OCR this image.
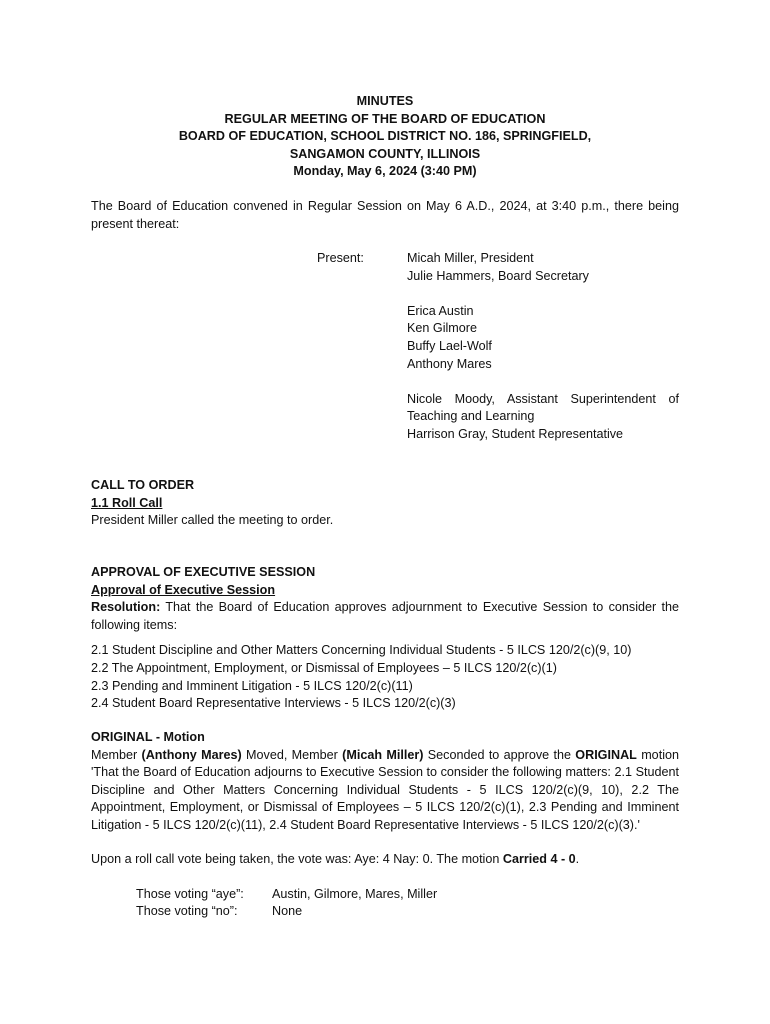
MINUTES
REGULAR MEETING OF THE BOARD OF EDUCATION
BOARD OF EDUCATION, SCHOOL DISTRICT NO. 186, SPRINGFIELD,
SANGAMON COUNTY, ILLINOIS
Monday, May 6, 2024 (3:40 PM)
The Board of Education convened in Regular Session on May 6 A.D., 2024, at 3:40 p.m., there being present thereat:
Present:	Micah Miller, President
Julie Hammers, Board Secretary
Erica Austin
Ken Gilmore
Buffy Lael-Wolf
Anthony Mares
Nicole Moody, Assistant Superintendent of Teaching and Learning
Harrison Gray, Student Representative
CALL TO ORDER
1.1 Roll Call
President Miller called the meeting to order.
APPROVAL OF EXECUTIVE SESSION
Approval of Executive Session
Resolution: That the Board of Education approves adjournment to Executive Session to consider the following items:
2.1 Student Discipline and Other Matters Concerning Individual Students - 5 ILCS 120/2(c)(9, 10)
2.2 The Appointment, Employment, or Dismissal of Employees – 5 ILCS 120/2(c)(1)
2.3 Pending and Imminent Litigation - 5 ILCS 120/2(c)(11)
2.4 Student Board Representative Interviews - 5 ILCS 120/2(c)(3)
ORIGINAL - Motion
Member (Anthony Mares) Moved, Member (Micah Miller) Seconded to approve the ORIGINAL motion 'That the Board of Education adjourns to Executive Session to consider the following matters: 2.1 Student Discipline and Other Matters Concerning Individual Students - 5 ILCS 120/2(c)(9, 10), 2.2 The Appointment, Employment, or Dismissal of Employees – 5 ILCS 120/2(c)(1), 2.3 Pending and Imminent Litigation - 5 ILCS 120/2(c)(11), 2.4 Student Board Representative Interviews - 5 ILCS 120/2(c)(3).'
Upon a roll call vote being taken, the vote was: Aye: 4 Nay: 0. The motion Carried 4 - 0.
Those voting “aye”: Austin, Gilmore, Mares, Miller
Those voting “no”:	None
